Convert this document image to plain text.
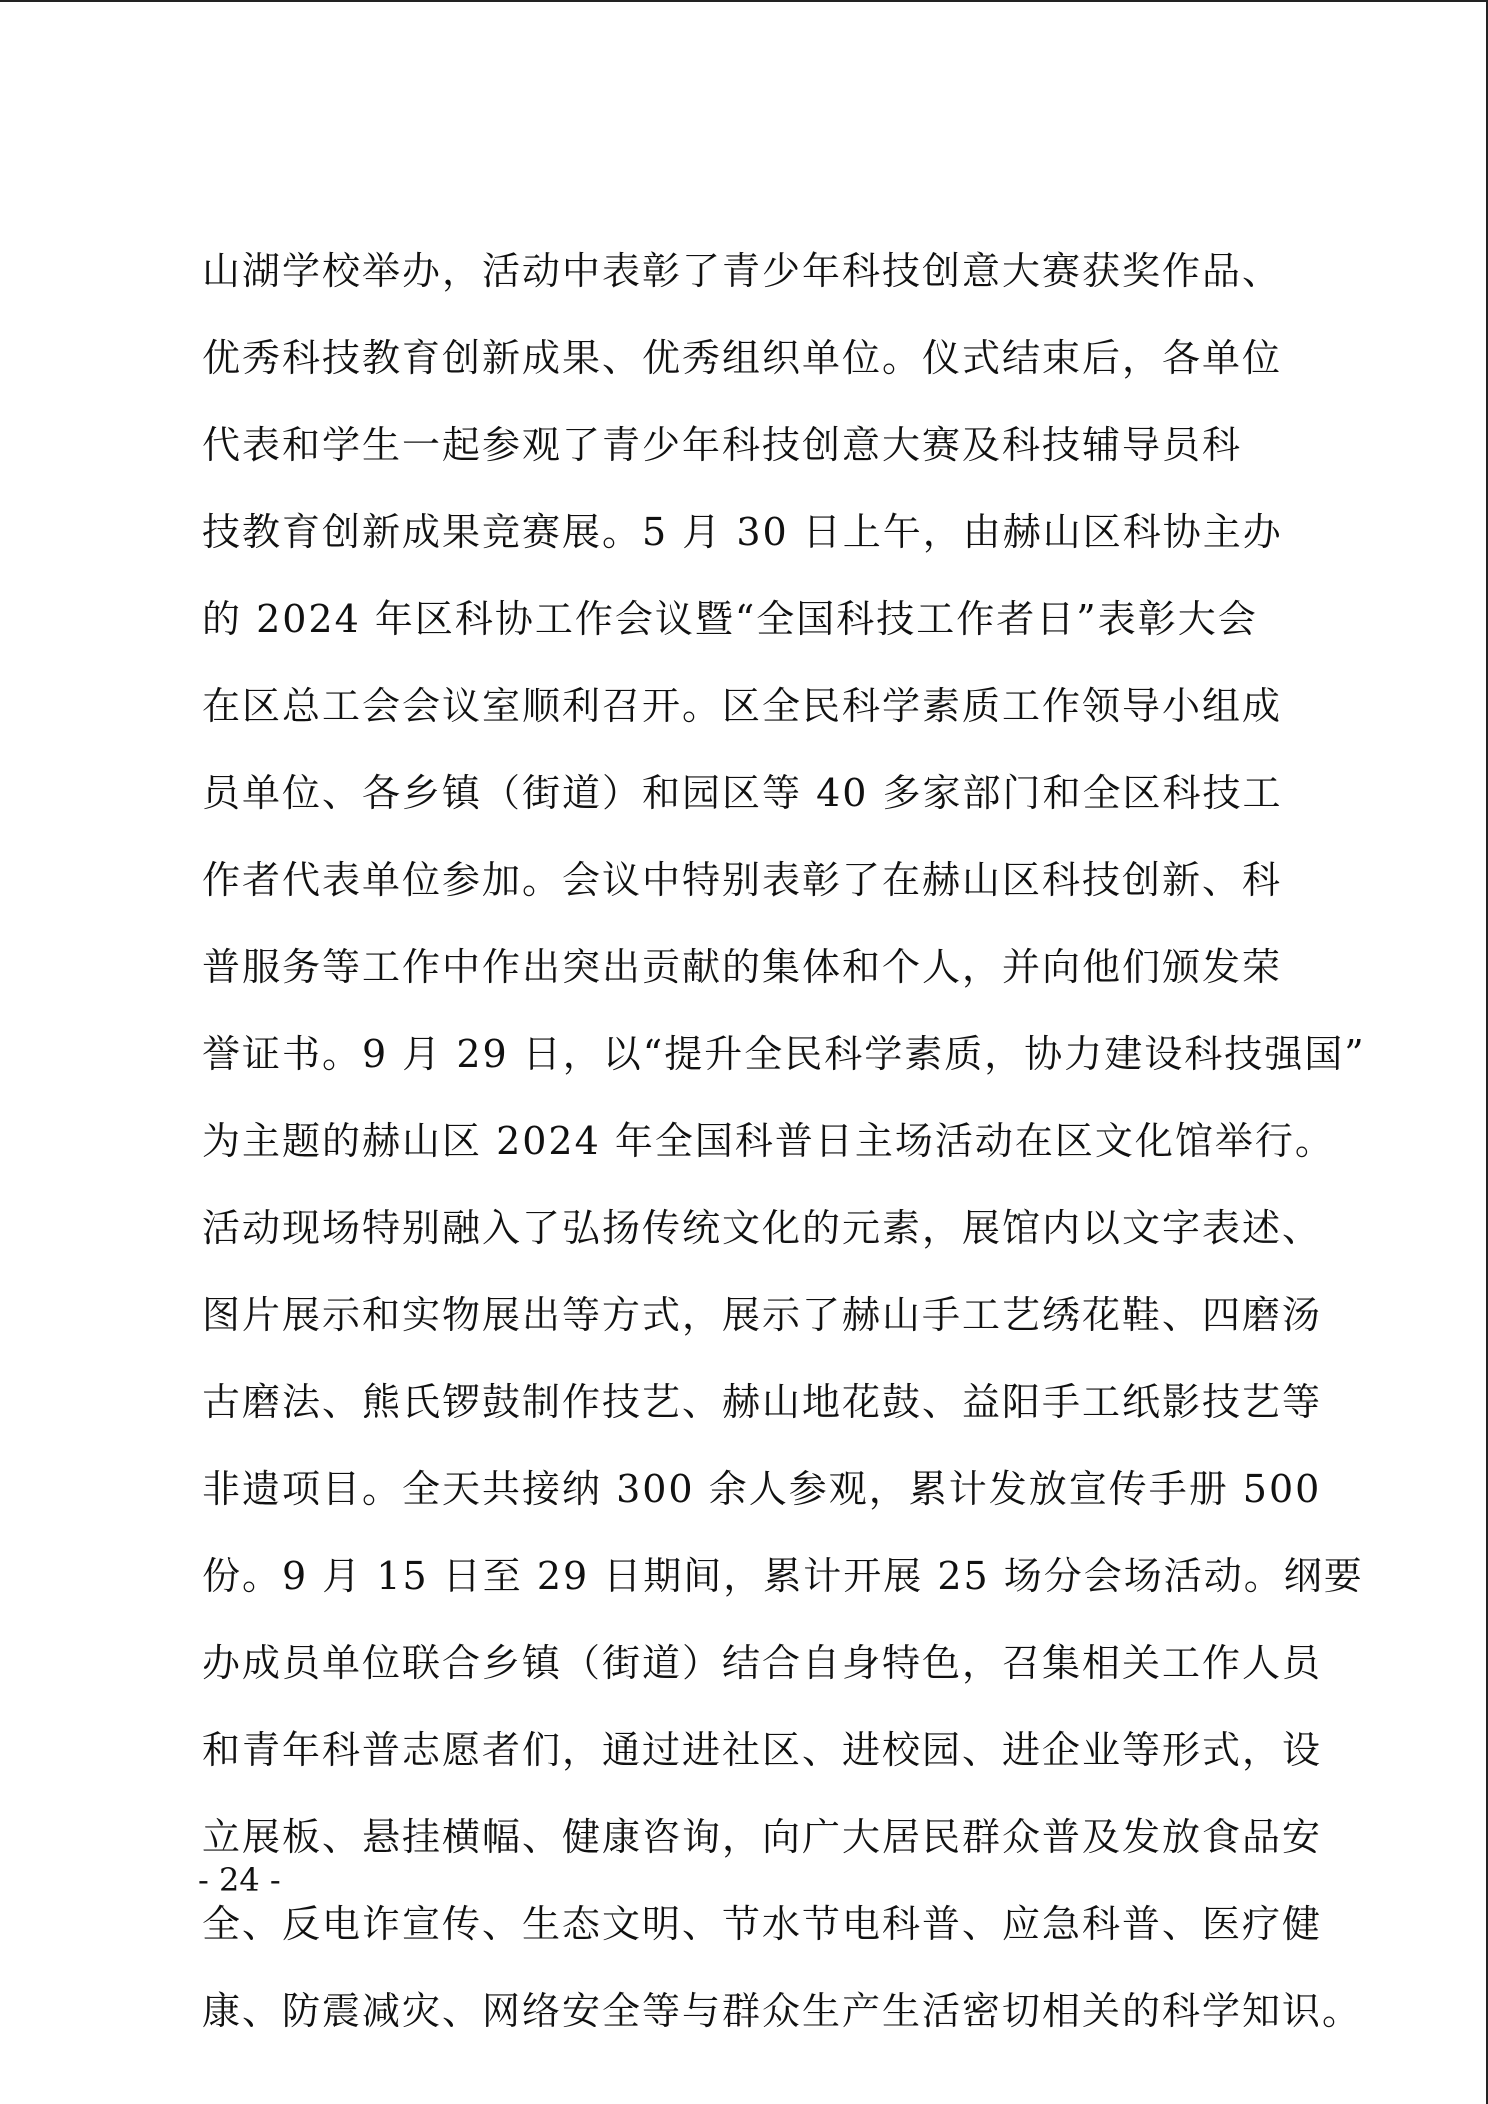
山湖学校举办，活动中表彰了青少年科技创意大赛获奖作品、
优秀科技教育创新成果、优秀组织单位。仪式结束后，各单位
代表和学生一起参观了青少年科技创意大赛及科技辅导员科
技教育创新成果竞赛展。5 月 30 日上午，由赫山区科协主办
的 2024 年区科协工作会议暨“全国科技工作者日”表彰大会
在区总工会会议室顺利召开。区全民科学素质工作领导小组成
员单位、各乡镇（街道）和园区等 40 多家部门和全区科技工
作者代表单位参加。会议中特别表彰了在赫山区科技创新、科
普服务等工作中作出突出贡献的集体和个人，并向他们颁发荣
誉证书。9 月 29 日，以“提升全民科学素质，协力建设科技强国”
为主题的赫山区 2024 年全国科普日主场活动在区文化馆举行。
活动现场特别融入了弘扬传统文化的元素，展馆内以文字表述、
图片展示和实物展出等方式，展示了赫山手工艺绣花鞋、四磨汤
古磨法、熊氏锣鼓制作技艺、赫山地花鼓、益阳手工纸影技艺等
非遗项目。全天共接纳 300 余人参观，累计发放宣传手册 500
份。9 月 15 日至 29 日期间，累计开展 25 场分会场活动。纲要
办成员单位联合乡镇（街道）结合自身特色，召集相关工作人员
和青年科普志愿者们，通过进社区、进校园、进企业等形式，设
立展板、悬挂横幅、健康咨询，向广大居民群众普及发放食品安
全、反电诈宣传、生态文明、节水节电科普、应急科普、医疗健
康、防震减灾、网络安全等与群众生产生活密切相关的科学知识。
- 24 -
